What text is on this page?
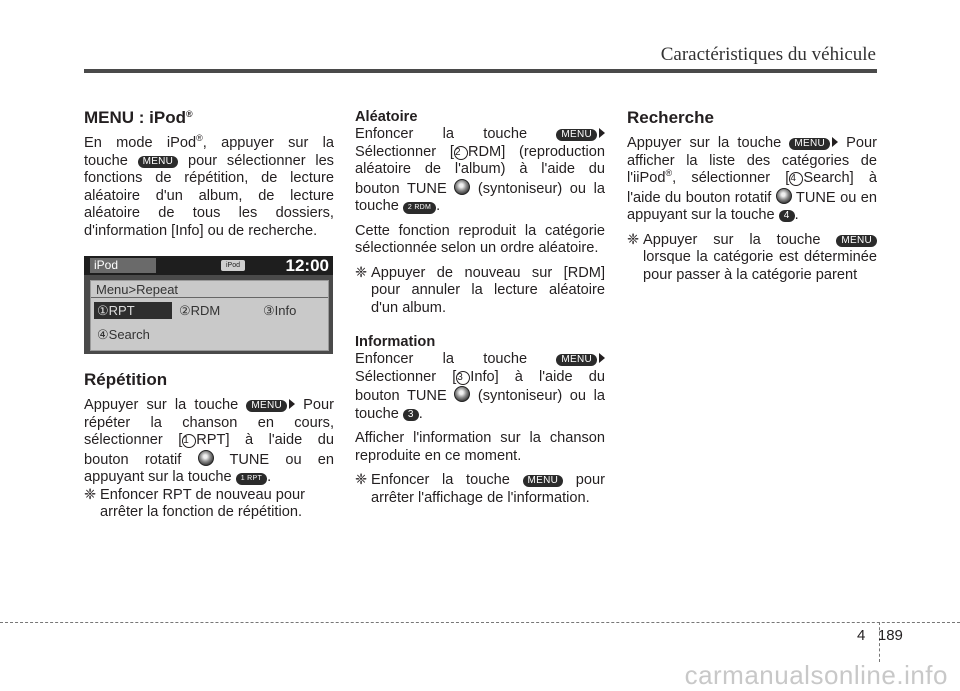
Caractéristiques du véhicule
MENU : iPod®

En mode iPod®, appuyer sur la

touche MENU pour sélectionner les

fonctions de répétition, de lecture

aléatoire d'un album, de lecture

aléatoire de tous les dossiers,

d'information [Info] ou de recherche.

iPod	iPod	12:00
Menu>Repeat
①RPT	②RDM	③Info
④Search
Répétition

Appuyer sur la touche MENU Pour

répéter la chanson en cours,

sélectionner [1 RPT] à l'aide du

bouton rotatif	TUNE ou en

appuyant sur la touche 1 RPT .

❈ Enfoncer RPT de nouveau pour
arrêter la fonction de répétition.
Aléatoire

Enfoncer la touche	MENU

Sélectionner [2 RDM] (reproduction

aléatoire de l'album) à l'aide du

bouton TUNE (syntoniseur) ou la

touche 2 RDM .

Cette fonction reproduit la catégorie

sélectionnée selon un ordre aléatoire.

❈ Appuyer de nouveau sur [RDM]
pour annuler la lecture aléatoire
d'un album.
Information

Enfoncer la touche	MENU

Sélectionner [3 Info] à l'aide du

bouton TUNE (syntoniseur) ou la

touche 3 .

Afficher l'information sur la chanson

reproduite en ce moment.

❈ Enfoncer la touche MENU pour
arrêter l'affichage de l'information.
Recherche

Appuyer sur la touche MENU Pour

afficher la liste des catégories de

l'iiPod®, sélectionner [4 Search] à

l'aide du bouton rotatif TUNE ou en

appuyant sur la touche 4 .

❈ Appuyer sur la touche MENU
lorsque la catégorie est déterminée
pour passer à la catégorie parent
4 189
carmanualsonline.info
